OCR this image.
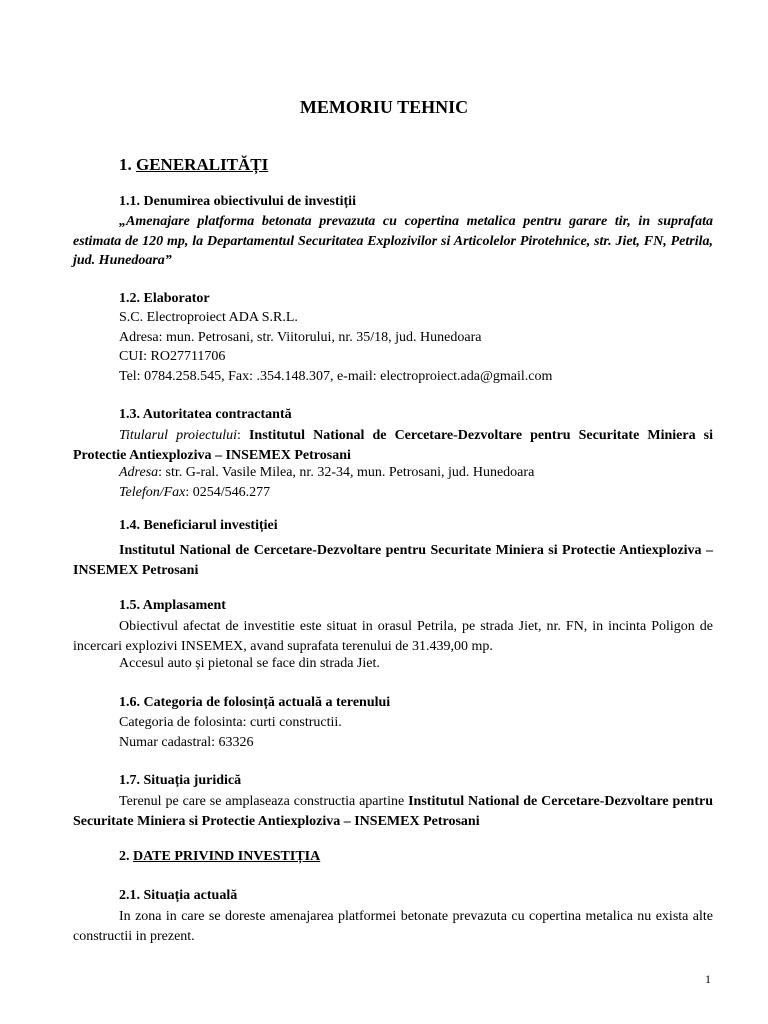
MEMORIU TEHNIC
1. GENERALITĂȚI
1.1. Denumirea obiectivului de investiții
„Amenajare platforma betonata prevazuta cu copertina metalica pentru garare tir, in suprafata estimata de 120 mp, la Departamentul Securitatea Explozivilor si Articolelor Pirotehnice, str. Jiet, FN, Petrila, jud. Hunedoara”
1.2. Elaborator
S.C. Electroproiect ADA S.R.L.
Adresa: mun. Petrosani, str. Viitorului, nr. 35/18, jud. Hunedoara
CUI: RO27711706
Tel: 0784.258.545, Fax: .354.148.307, e-mail: electroproiect.ada@gmail.com
1.3. Autoritatea contractantă
Titularul proiectului: Institutul National de Cercetare-Dezvoltare pentru Securitate Miniera si Protectie Antiexploziva – INSEMEX Petrosani
Adresa: str. G-ral. Vasile Milea, nr. 32-34, mun. Petrosani, jud. Hunedoara
Telefon/Fax: 0254/546.277
1.4. Beneficiarul investiției
Institutul National de Cercetare-Dezvoltare pentru Securitate Miniera si Protectie Antiexploziva – INSEMEX Petrosani
1.5. Amplasament
Obiectivul afectat de investitie este situat in orasul Petrila, pe strada Jiet, nr. FN, in incinta Poligon de incercari explozivi INSEMEX, avand suprafata terenului de 31.439,00 mp.
Accesul auto și pietonal se face din strada Jiet.
1.6. Categoria de folosință actuală a terenului
Categoria de folosinta: curti constructii.
Numar cadastral: 63326
1.7. Situația juridică
Terenul pe care se amplaseaza constructia apartine Institutul National de Cercetare-Dezvoltare pentru Securitate Miniera si Protectie Antiexploziva – INSEMEX Petrosani
2. DATE PRIVIND INVESTIȚIA
2.1. Situația actuală
In zona in care se doreste amenajarea platformei betonate prevazuta cu copertina metalica nu exista alte constructii in prezent.
1
